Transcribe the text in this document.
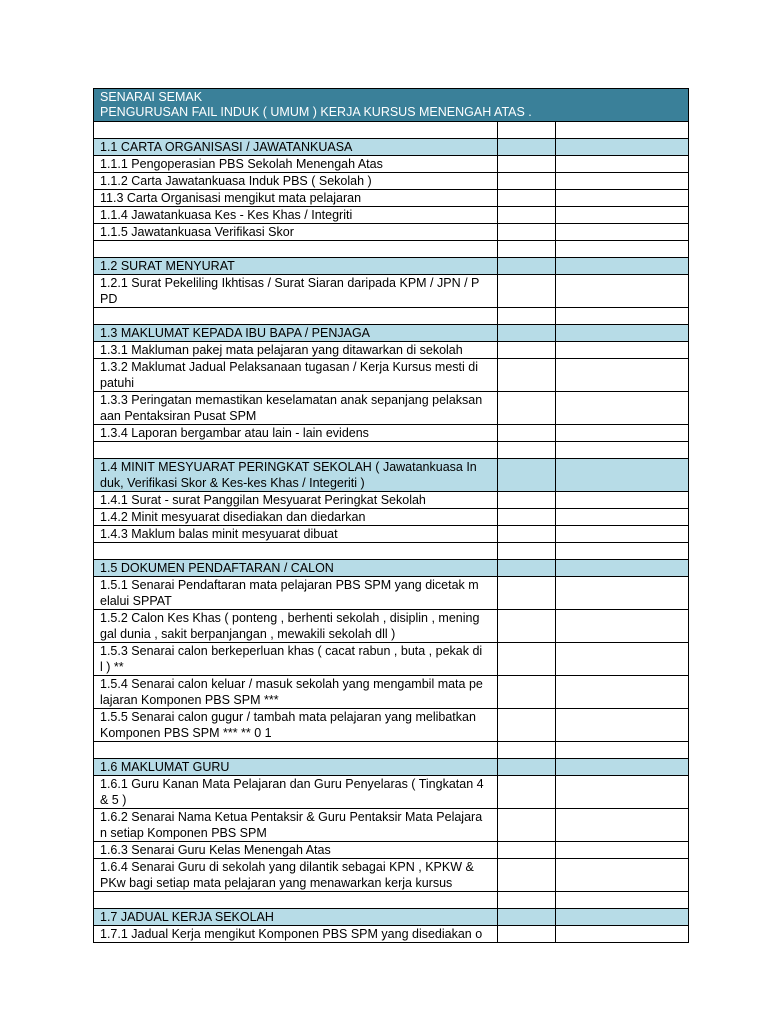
SENARAI SEMAK
PENGURUSAN FAIL INDUK ( UMUM ) KERJA KURSUS MENENGAH ATAS .
1.1 CARTA ORGANISASI / JAWATANKUASA
1.1.1 Pengoperasian PBS Sekolah Menengah Atas
1.1.2 Carta Jawatankuasa Induk PBS ( Sekolah )
11.3 Carta Organisasi mengikut mata pelajaran
1.1.4 Jawatankuasa Kes - Kes Khas / Integriti
1.1.5 Jawatankuasa Verifikasi Skor
1.2 SURAT MENYURAT
1.2.1 Surat Pekeliling Ikhtisas / Surat Siaran daripada KPM / JPN / P
PD
1.3 MAKLUMAT KEPADA IBU BAPA / PENJAGA
1.3.1 Makluman pakej mata pelajaran yang ditawarkan di sekolah
1.3.2 Maklumat Jadual Pelaksanaan tugasan / Kerja Kursus mesti di
patuhi
1.3.3 Peringatan memastikan keselamatan anak sepanjang pelaksan
aan Pentaksiran Pusat SPM
1.3.4 Laporan bergambar atau lain - lain evidens
1.4 MINIT MESYUARAT PERINGKAT SEKOLAH ( Jawatankuasa In
duk, Verifikasi Skor & Kes-kes Khas / Integeriti )
1.4.1 Surat - surat Panggilan Mesyuarat Peringkat Sekolah
1.4.2 Minit mesyuarat disediakan dan diedarkan
1.4.3 Maklum balas minit mesyuarat dibuat
1.5 DOKUMEN PENDAFTARAN / CALON
1.5.1 Senarai Pendaftaran mata pelajaran PBS SPM yang dicetak m
elalui SPPAT
1.5.2 Calon Kes Khas ( ponteng , berhenti sekolah , disiplin , mening
gal dunia , sakit berpanjangan , mewakili sekolah dll )
1.5.3 Senarai calon berkeperluan khas ( cacat rabun , buta , pekak di
l ) **
1.5.4 Senarai calon keluar / masuk sekolah yang mengambil mata pe
lajaran Komponen PBS SPM ***
1.5.5 Senarai calon gugur / tambah mata pelajaran yang melibatkan
Komponen PBS SPM *** ** 0 1
1.6 MAKLUMAT GURU
1.6.1 Guru Kanan Mata Pelajaran dan Guru Penyelaras ( Tingkatan 4
& 5 )
1.6.2 Senarai Nama Ketua Pentaksir & Guru Pentaksir Mata Pelajara
n setiap Komponen PBS SPM
1.6.3 Senarai Guru Kelas Menengah Atas
1.6.4 Senarai Guru di sekolah yang dilantik sebagai KPN , KPKW &
PKw bagi setiap mata pelajaran yang menawarkan kerja kursus
1.7 JADUAL KERJA SEKOLAH
1.7.1 Jadual Kerja mengikut Komponen PBS SPM yang disediakan o
